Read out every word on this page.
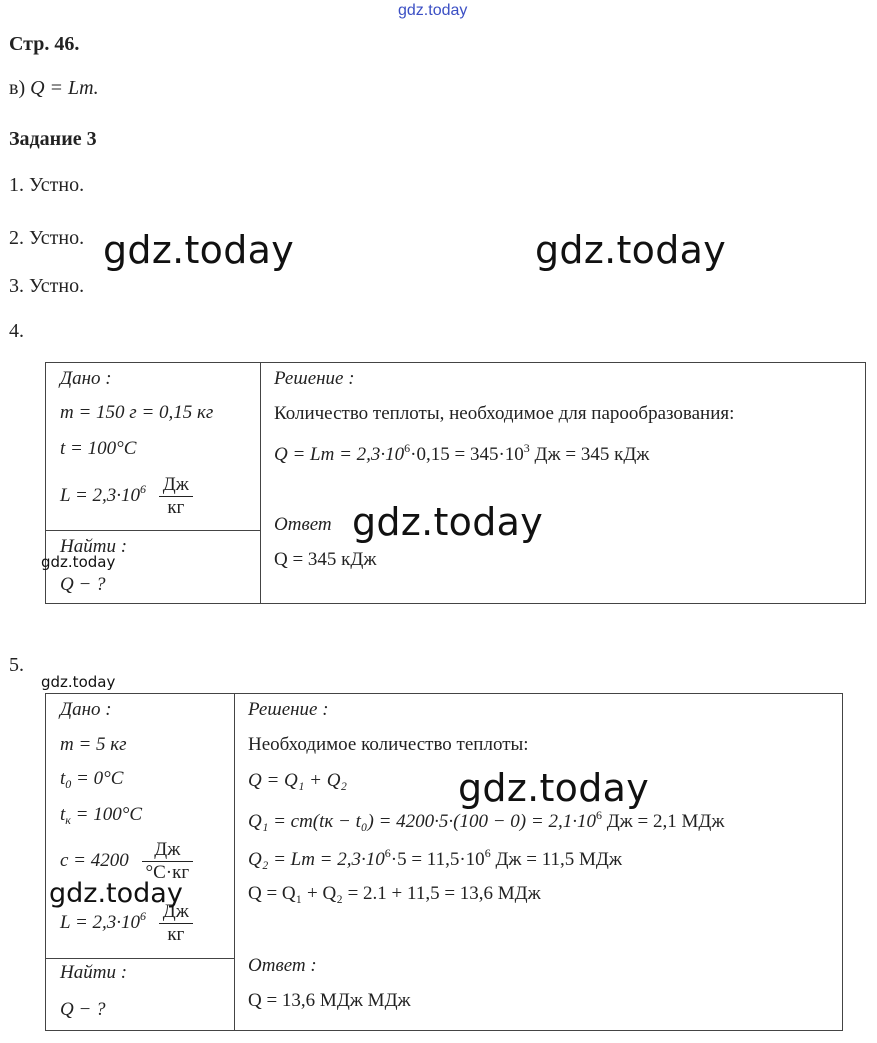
gdz.today
Стр. 46.
в) Q = Lm.
Задание 3
1. Устно.
2. Устно.
3. Устно.
4.
gdz.today	gdz.today
Дано :
m = 150 г = 0,15 кг
t = 100°C
$L = 2,3\cdot 10^6 \frac{Дж}{кг}$
Найти :
Q − ?
gdz.today
Решение :
Количество теплоты, необходимое для парообразования:
$Q = Lm = 2,3\cdot 10^6\cdot 0,15 = 345\cdot 10^3$ Дж = 345 кДж
Ответ gdz.today
Q = 345 кДж
5.
gdz.today
Дано :
m = 5 кг
$t_0 = 0^\circ C$
$t_к = 100^\circ C$
$c = 4200 \frac{Дж}{^\circ C\cdot кг}$
$L = 2,3\cdot 10^6 \frac{Дж}{кг}$
gdz.today
Найти :
Q − ?
Решение :
Необходимое количество теплоты:
Q = Q₁ + Q₂	gdz.today
$Q_1 = cm(tк - t_0) = 4200\cdot 5\cdot(100 - 0) = 2,1\cdot 10^6$ Дж = 2,1 МДж
$Q_2 = Lm = 2,3\cdot 10^6\cdot 5 = 11,5\cdot 10^6$ Дж = 11,5 МДж
Q = Q₁ + Q₂ = 2.1 + 11,5 = 13,6 МДж
Ответ :
Q = 13,6 МДж МДж
